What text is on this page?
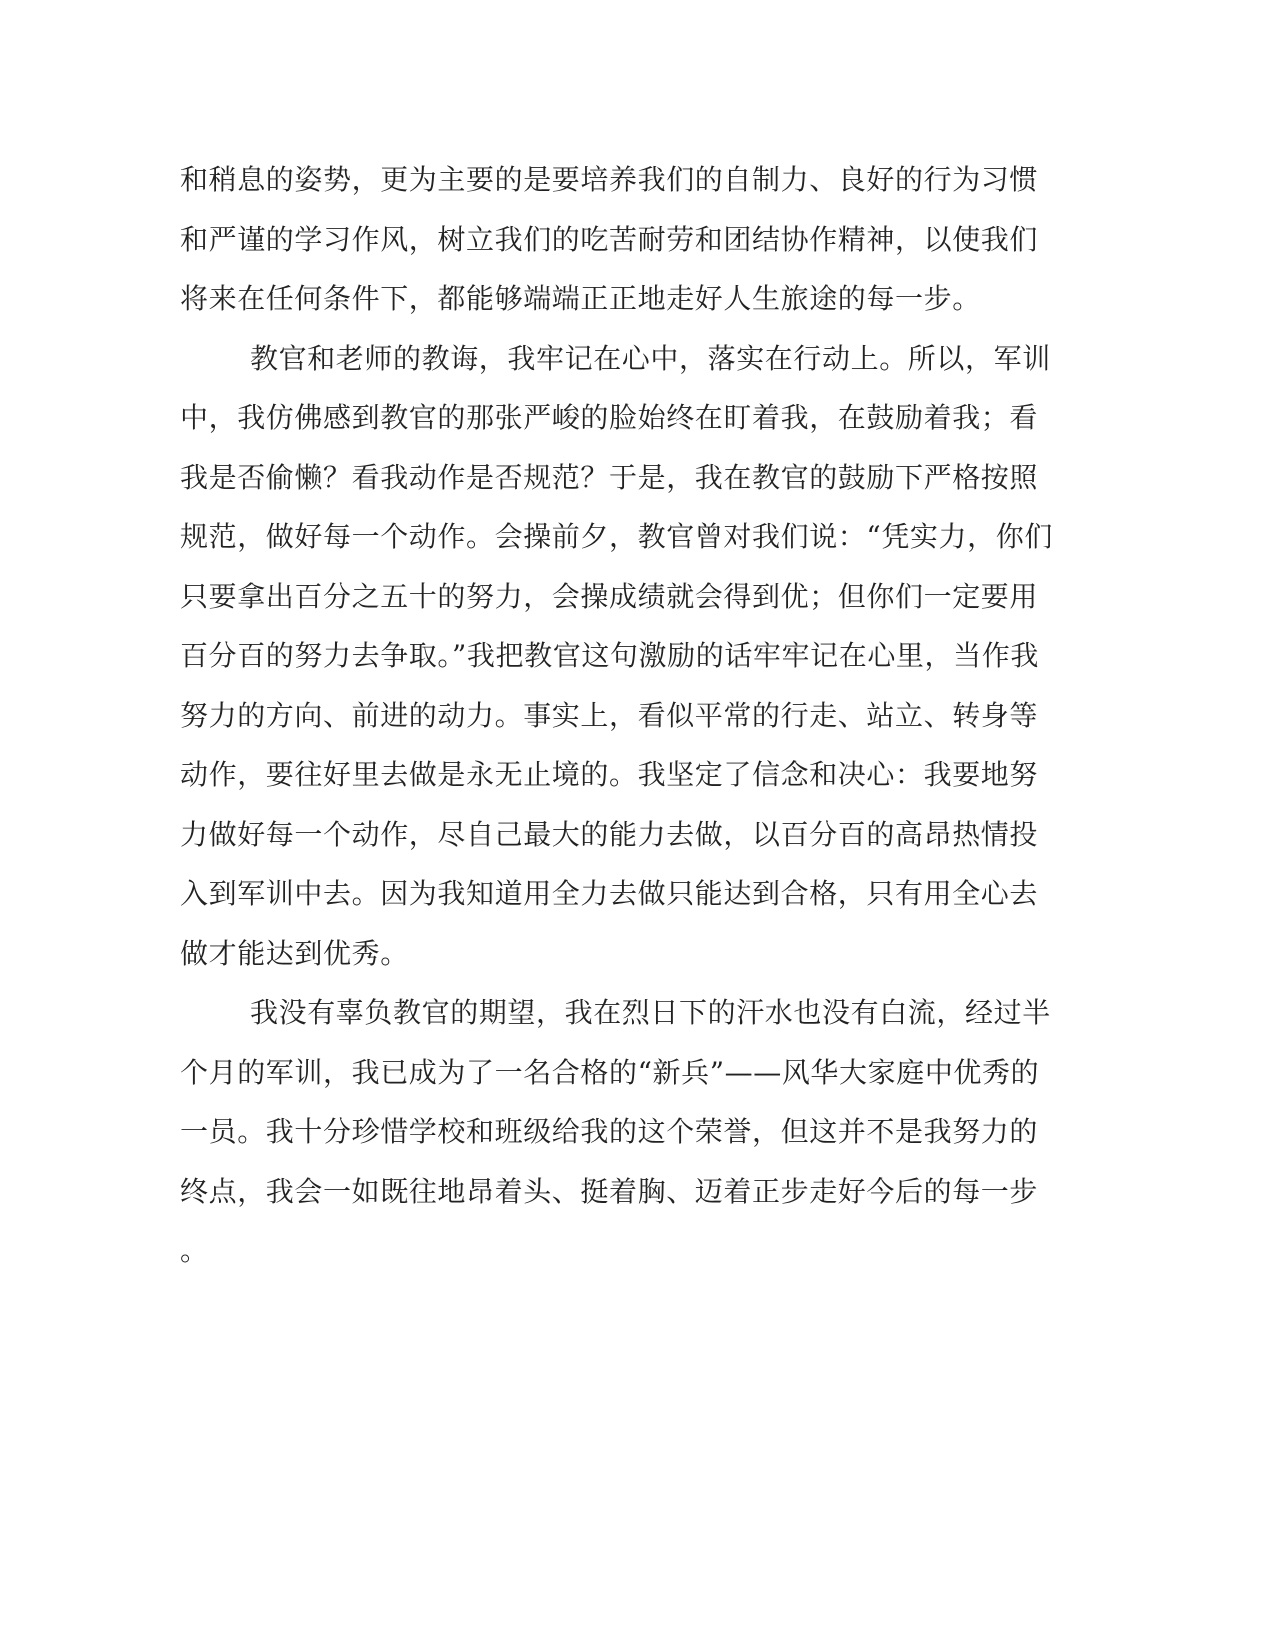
和稍息的姿势，更为主要的是要培养我们的自制力、良好的行为习惯
和严谨的学习作风，树立我们的吃苦耐劳和团结协作精神，以使我们
将来在任何条件下，都能够端端正正地走好人生旅途的每一步。
教官和老师的教诲，我牢记在心中，落实在行动上。所以，军训
中，我仿佛感到教官的那张严峻的脸始终在盯着我，在鼓励着我；看
我是否偷懒？看我动作是否规范？于是，我在教官的鼓励下严格按照
规范，做好每一个动作。会操前夕，教官曾对我们说：“凭实力，你们
只要拿出百分之五十的努力，会操成绩就会得到优；但你们一定要用
百分百的努力去争取。”我把教官这句激励的话牢牢记在心里，当作我
努力的方向、前进的动力。事实上，看似平常的行走、站立、转身等
动作，要往好里去做是永无止境的。我坚定了信念和决心：我要地努
力做好每一个动作，尽自己最大的能力去做，以百分百的高昂热情投
入到军训中去。因为我知道用全力去做只能达到合格，只有用全心去
做才能达到优秀。
我没有辜负教官的期望，我在烈日下的汗水也没有白流，经过半
个月的军训，我已成为了一名合格的“新兵”——风华大家庭中优秀的
一员。我十分珍惜学校和班级给我的这个荣誉，但这并不是我努力的
终点，我会一如既往地昂着头、挺着胸、迈着正步走好今后的每一步
。
